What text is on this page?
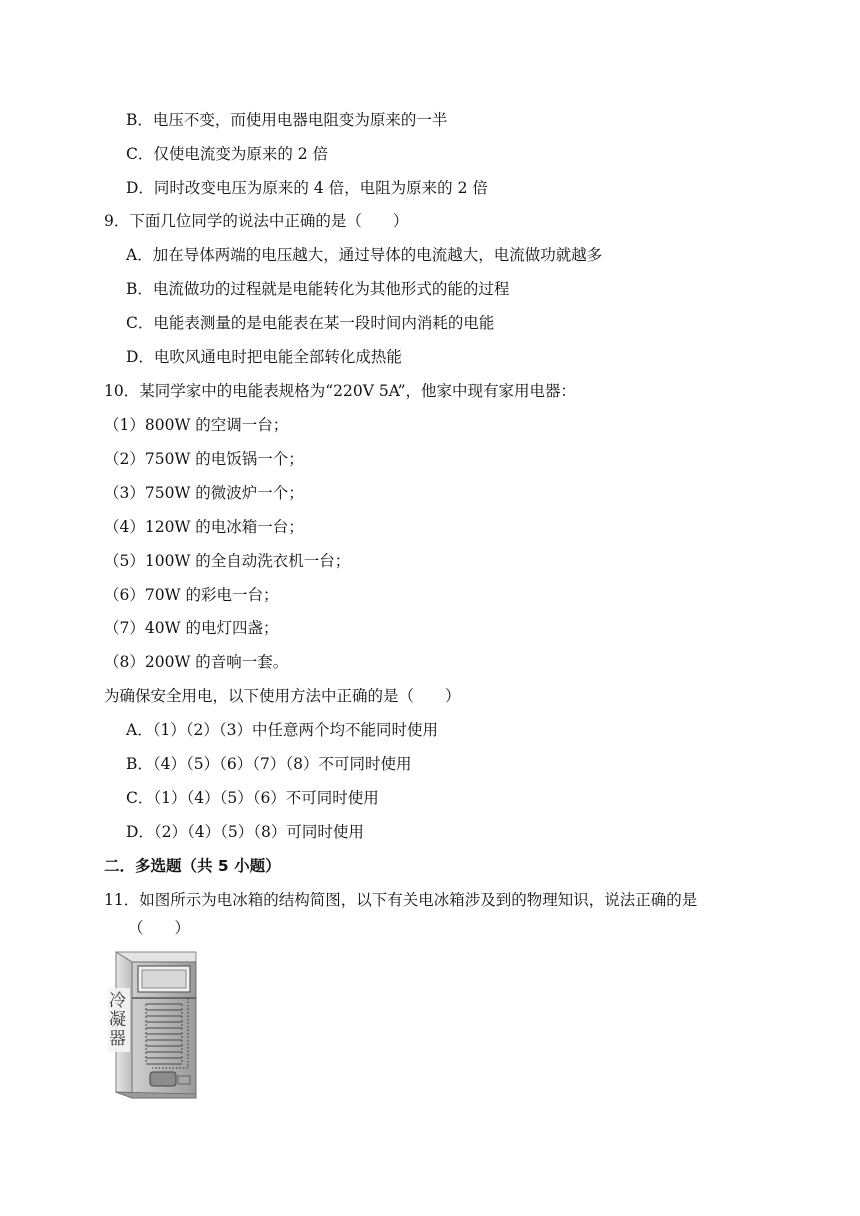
B．电压不变，而使用电器电阻变为原来的一半
C．仅使电流变为原来的 2 倍
D．同时改变电压为原来的 4 倍，电阻为原来的 2 倍
9．下面几位同学的说法中正确的是（　　）
A．加在导体两端的电压越大，通过导体的电流越大，电流做功就越多
B．电流做功的过程就是电能转化为其他形式的能的过程
C．电能表测量的是电能表在某一段时间内消耗的电能
D．电吹风通电时把电能全部转化成热能
10．某同学家中的电能表规格为“220V 5A”，他家中现有家用电器：
（1）800W 的空调一台；
（2）750W 的电饭锅一个；
（3）750W 的微波炉一个；
（4）120W 的电冰箱一台；
（5）100W 的全自动洗衣机一台；
（6）70W 的彩电一台；
（7）40W 的电灯四盏；
（8）200W 的音响一套。
为确保安全用电，以下使用方法中正确的是（　　）
A．（1）（2）（3）中任意两个均不能同时使用
B．（4）（5）（6）（7）（8）不可同时使用
C．（1）（4）（5）（6）不可同时使用
D．（2）（4）（5）（8）可同时使用
二．多选题（共 5 小题）
11．如图所示为电冰箱的结构简图，以下有关电冰箱涉及到的物理知识，说法正确的是
（　　）
冷凝器
